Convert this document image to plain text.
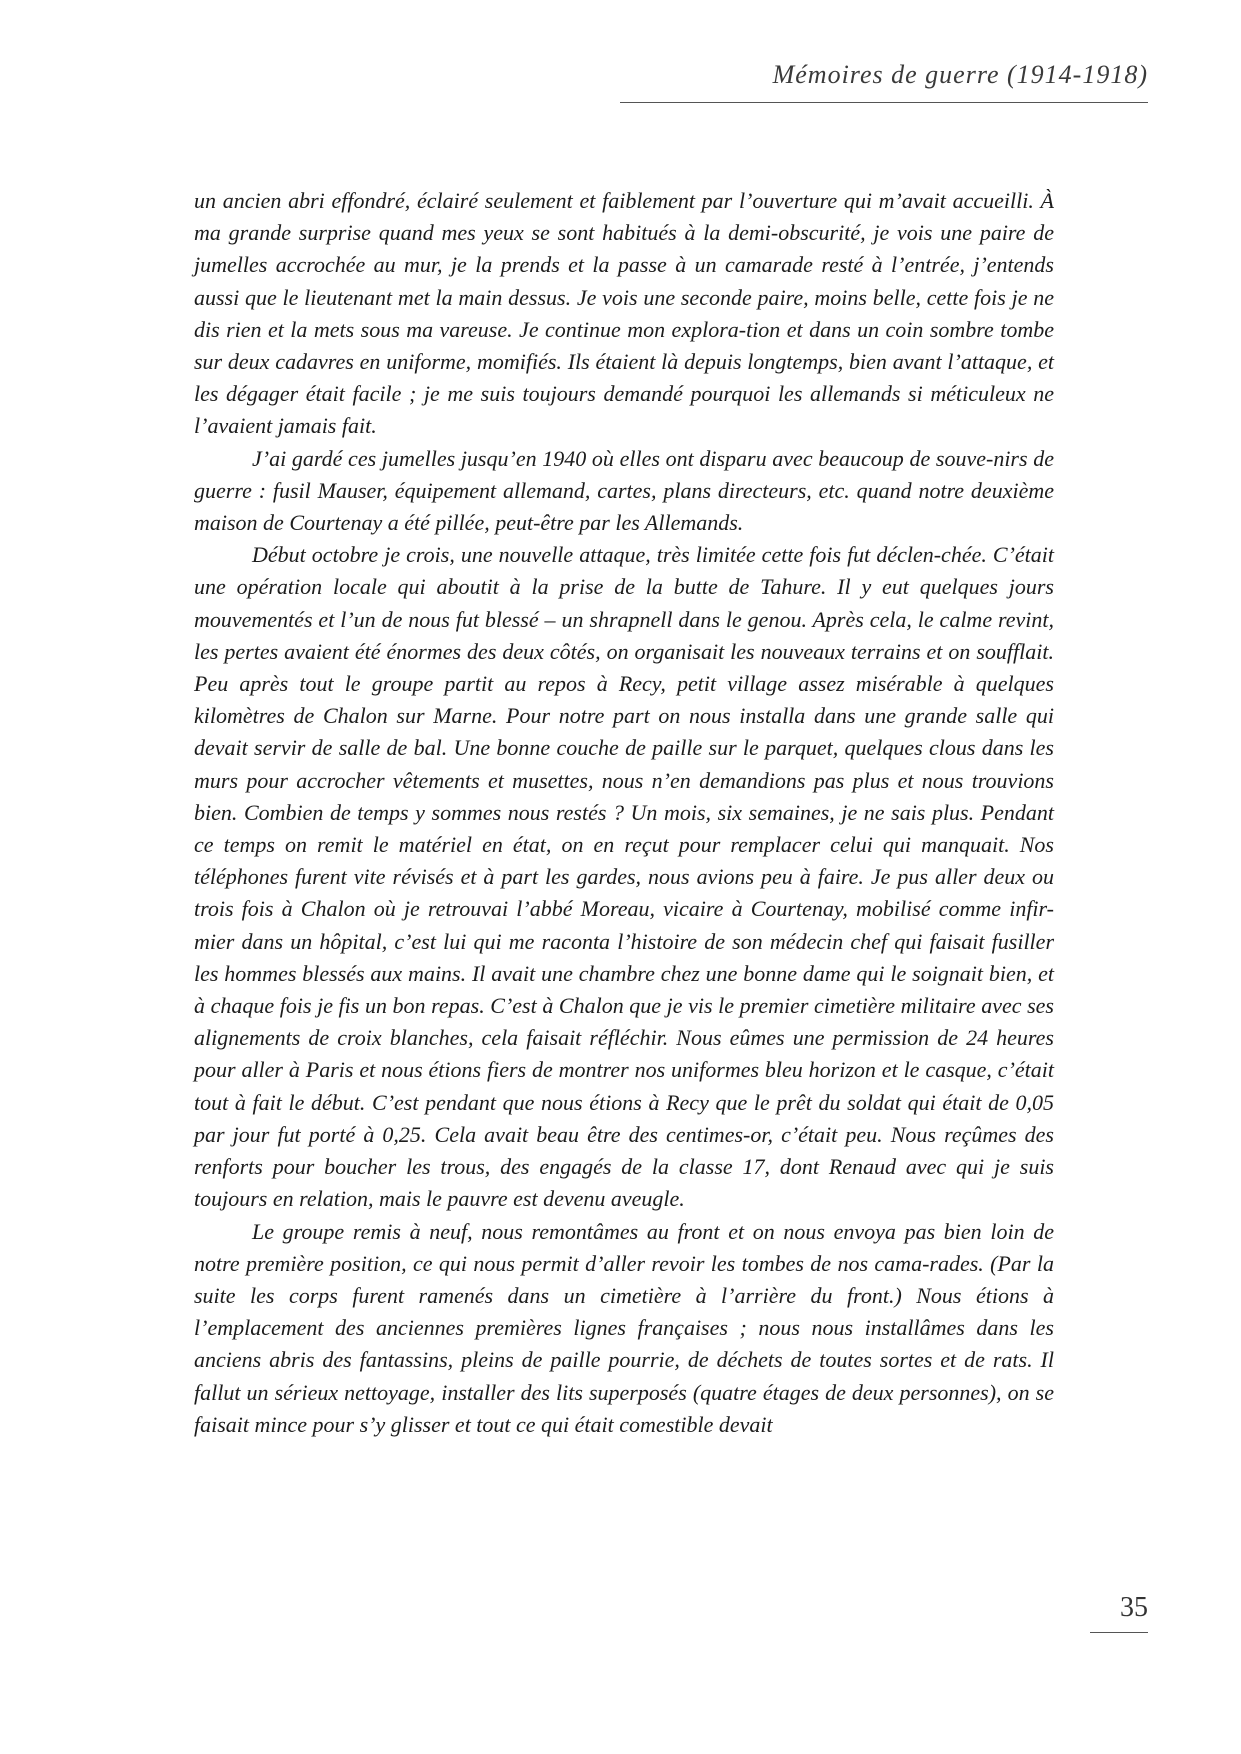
Mémoires de guerre (1914-1918)

un ancien abri effondré, éclairé seulement et faiblement par l’ouverture qui m’avait accueilli. À ma grande surprise quand mes yeux se sont habitués à la demi-obscurité, je vois une paire de jumelles accrochée au mur, je la prends et la passe à un camarade resté à l’entrée, j’entends aussi que le lieutenant met la main dessus. Je vois une seconde paire, moins belle, cette fois je ne dis rien et la mets sous ma vareuse. Je continue mon explora-tion et dans un coin sombre tombe sur deux cadavres en uniforme, momifiés. Ils étaient là depuis longtemps, bien avant l’attaque, et les dégager était facile ; je me suis toujours demandé pourquoi les allemands si méticuleux ne l’avaient jamais fait.

J’ai gardé ces jumelles jusqu’en 1940 où elles ont disparu avec beaucoup de souve-nirs de guerre : fusil Mauser, équipement allemand, cartes, plans directeurs, etc. quand notre deuxième maison de Courtenay a été pillée, peut-être par les Allemands.

Début octobre je crois, une nouvelle attaque, très limitée cette fois fut déclen-chée. C’était une opération locale qui aboutit à la prise de la butte de Tahure. Il y eut quelques jours mouvementés et l’un de nous fut blessé – un shrapnell dans le genou. Après cela, le calme revint, les pertes avaient été énormes des deux côtés, on organisait les nouveaux terrains et on soufflait. Peu après tout le groupe partit au repos à Recy, petit village assez misérable à quelques kilomètres de Chalon sur Marne. Pour notre part on nous installa dans une grande salle qui devait servir de salle de bal. Une bonne couche de paille sur le parquet, quelques clous dans les murs pour accrocher vêtements et musettes, nous n’en demandions pas plus et nous trouvions bien. Combien de temps y sommes nous restés ? Un mois, six semaines, je ne sais plus. Pendant ce temps on remit le matériel en état, on en reçut pour remplacer celui qui manquait. Nos téléphones furent vite révisés et à part les gardes, nous avions peu à faire. Je pus aller deux ou trois fois à Chalon où je retrouvai l’abbé Moreau, vicaire à Courtenay, mobilisé comme infir-mier dans un hôpital, c’est lui qui me raconta l’histoire de son médecin chef qui faisait fusiller les hommes blessés aux mains. Il avait une chambre chez une bonne dame qui le soignait bien, et à chaque fois je fis un bon repas. C’est à Chalon que je vis le premier cimetière militaire avec ses alignements de croix blanches, cela faisait réfléchir. Nous eûmes une permission de 24 heures pour aller à Paris et nous étions fiers de montrer nos uniformes bleu horizon et le casque, c’était tout à fait le début. C’est pendant que nous étions à Recy que le prêt du soldat qui était de 0,05 par jour fut porté à 0,25. Cela avait beau être des centimes-or, c’était peu. Nous reçûmes des renforts pour boucher les trous, des engagés de la classe 17, dont Renaud avec qui je suis toujours en relation, mais le pauvre est devenu aveugle.

Le groupe remis à neuf, nous remontâmes au front et on nous envoya pas bien loin de notre première position, ce qui nous permit d’aller revoir les tombes de nos cama-rades. (Par la suite les corps furent ramenés dans un cimetière à l’arrière du front.) Nous étions à l’emplacement des anciennes premières lignes françaises ; nous nous installâmes dans les anciens abris des fantassins, pleins de paille pourrie, de déchets de toutes sortes et de rats. Il fallut un sérieux nettoyage, installer des lits superposés (quatre étages de deux personnes), on se faisait mince pour s’y glisser et tout ce qui était comestible devait

35
